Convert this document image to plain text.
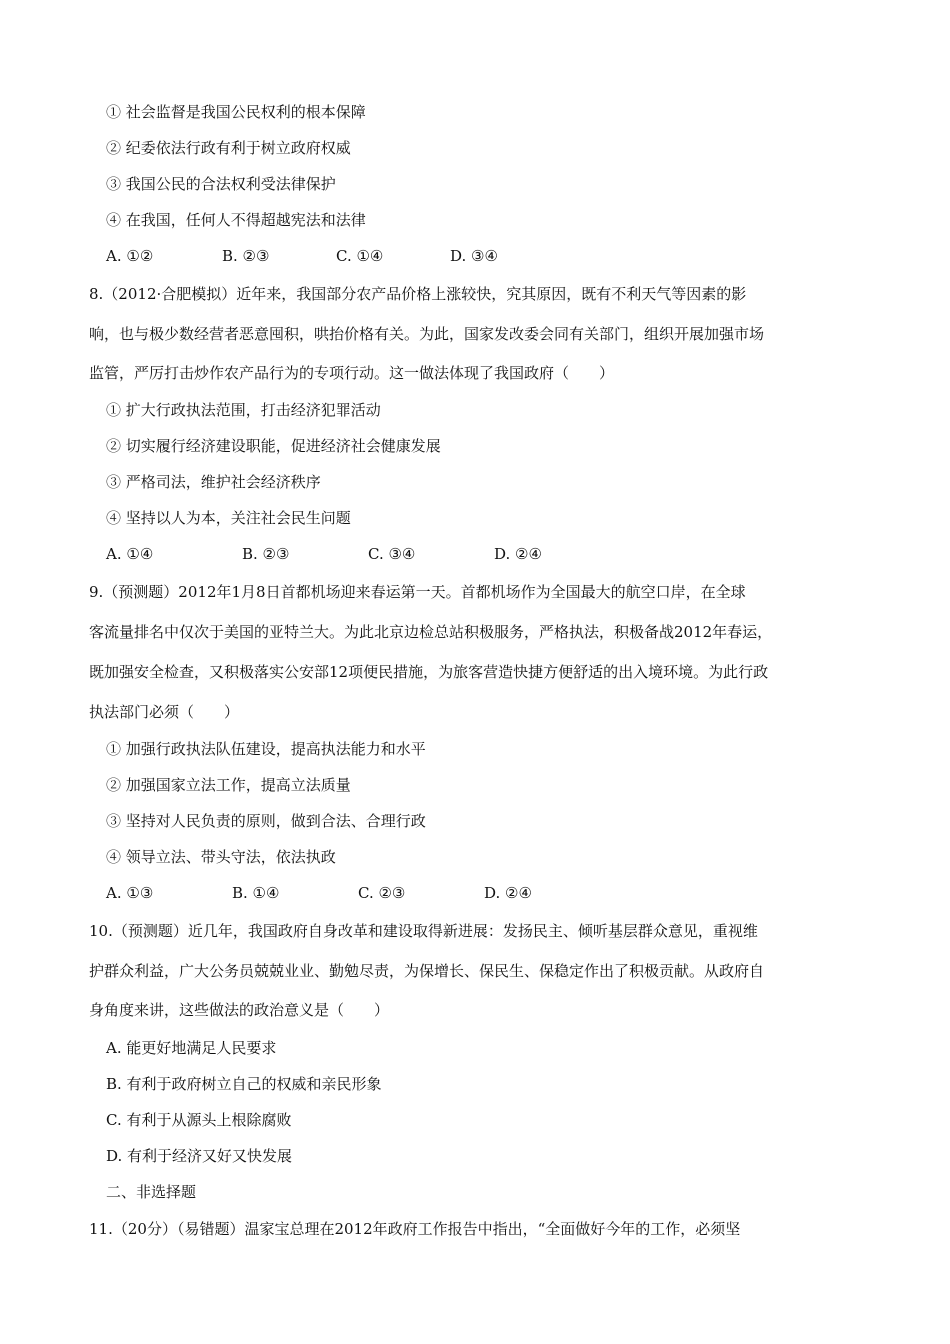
① 社会监督是我国公民权利的根本保障
② 纪委依法行政有利于树立政府权威
③ 我国公民的合法权利受法律保护
④ 在我国，任何人不得超越宪法和法律
A. ①②	B. ②③	C. ①④	D. ③④
8.（2012·合肥模拟）近年来，我国部分农产品价格上涨较快，究其原因，既有不利天气等因素的影
响，也与极少数经营者恶意囤积，哄抬价格有关。为此，国家发改委会同有关部门，组织开展加强市场
监管，严厉打击炒作农产品行为的专项行动。这一做法体现了我国政府（　　）
① 扩大行政执法范围，打击经济犯罪活动
② 切实履行经济建设职能，促进经济社会健康发展
③ 严格司法，维护社会经济秩序
④ 坚持以人为本，关注社会民生问题
A. ①④	B. ②③	C. ③④	D. ②④
9.（预测题）2012年1月8日首都机场迎来春运第一天。首都机场作为全国最大的航空口岸，在全球
客流量排名中仅次于美国的亚特兰大。为此北京边检总站积极服务，严格执法，积极备战2012年春运，
既加强安全检查，又积极落实公安部12项便民措施，为旅客营造快捷方便舒适的出入境环境。为此行政
执法部门必须（　　）
① 加强行政执法队伍建设，提高执法能力和水平
② 加强国家立法工作，提高立法质量
③ 坚持对人民负责的原则，做到合法、合理行政
④ 领导立法、带头守法，依法执政
A. ①③	B. ①④	C. ②③	D. ②④
10.（预测题）近几年，我国政府自身改革和建设取得新进展：发扬民主、倾听基层群众意见，重视维
护群众利益，广大公务员兢兢业业、勤勉尽责，为保增长、保民生、保稳定作出了积极贡献。从政府自
身角度来讲，这些做法的政治意义是（　　）
A. 能更好地满足人民要求
B. 有利于政府树立自己的权威和亲民形象
C. 有利于从源头上根除腐败
D. 有利于经济又好又快发展
二、非选择题
11.（20分）（易错题）温家宝总理在2012年政府工作报告中指出，“全面做好今年的工作，必须坚
